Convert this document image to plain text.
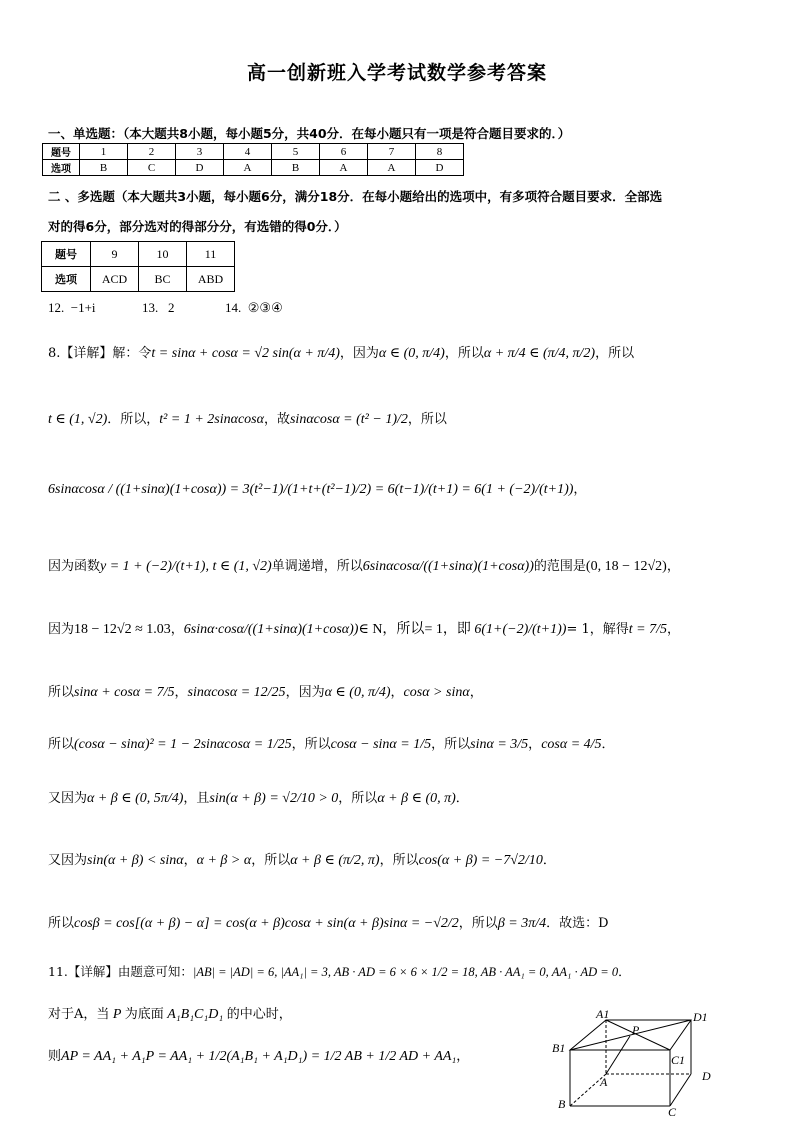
高一创新班入学考试数学参考答案
一、单选题：（本大题共8小题，每小题5分，共40分．在每小题只有一项是符合题目要求的．）
题号	1	2	3	4	5	6	7	8
选项	B	C	D	A	B	A	A	D
二 、多选题（本大题共3小题，每小题6分，满分18分．在每小题给出的选项中，有多项符合题目要求．全部选
对的得6分，部分选对的得部分分，有选错的得0分．）
题号	9	10	11
选项	ACD	BC	ABD
12. −1+i	13. 2	14. ②③④
8.【详解】解：令t = sinα + cosα = √2 sin(α + π/4)，因为α ∈ (0, π/4)，所以α + π/4 ∈ (π/4, π/2)，所以
t ∈ (1, √2)．所以，t² = 1 + 2sinαcosα，故sinαcosα = (t² − 1)/2，所以
6sinαcosα / ((1+sinα)(1+cosα)) = 3(t²−1)/(1+t+(t²−1)/2) = 6(t−1)/(t+1) = 6(1 + (−2)/(t+1))，
因为函数y = 1 + (−2)/(t+1), t ∈ (1, √2)单调递增，所以6sinαcosα/((1+sinα)(1+cosα))的范围是(0, 18 − 12√2)，
因为18 − 12√2 ≈ 1.03，6sinα·cosα/((1+sinα)(1+cosα))∈ N，所以= 1，即 6(1+(−2)/(t+1))= 1，解得t = 7/5，
所以sinα + cosα = 7/5，sinαcosα = 12/25，因为α ∈ (0, π/4)，cosα > sinα，
所以(cosα − sinα)² = 1 − 2sinαcosα = 1/25，所以cosα − sinα = 1/5，所以sinα = 3/5，cosα = 4/5．
又因为α + β ∈ (0, 5π/4)，且sin(α + β) = √2/10 > 0，所以α + β ∈ (0, π)．
又因为sin(α + β) < sinα，α + β > α，所以α + β ∈ (π/2, π)，所以cos(α + β) = −7√2/10．
所以cosβ = cos[(α + β) − α] = cos(α + β)cosα + sin(α + β)sinα = −√2/2，所以β = 3π/4．故选：D
11.【详解】由题意可知：|AB| = |AD| = 6, |AA₁| = 3, AB · AD = 6 × 6 × 1/2 = 18, AB · AA₁ = 0, AA₁ · AD = 0．
对于A，当 P 为底面 A₁B₁C₁D₁ 的中心时，
则AP = AA₁ + A₁P = AA₁ + 1/2(A₁B₁ + A₁D₁) = 1/2 AB + 1/2 AD + AA₁，
A1	D1
P
B1
C1
A	D
B
C
